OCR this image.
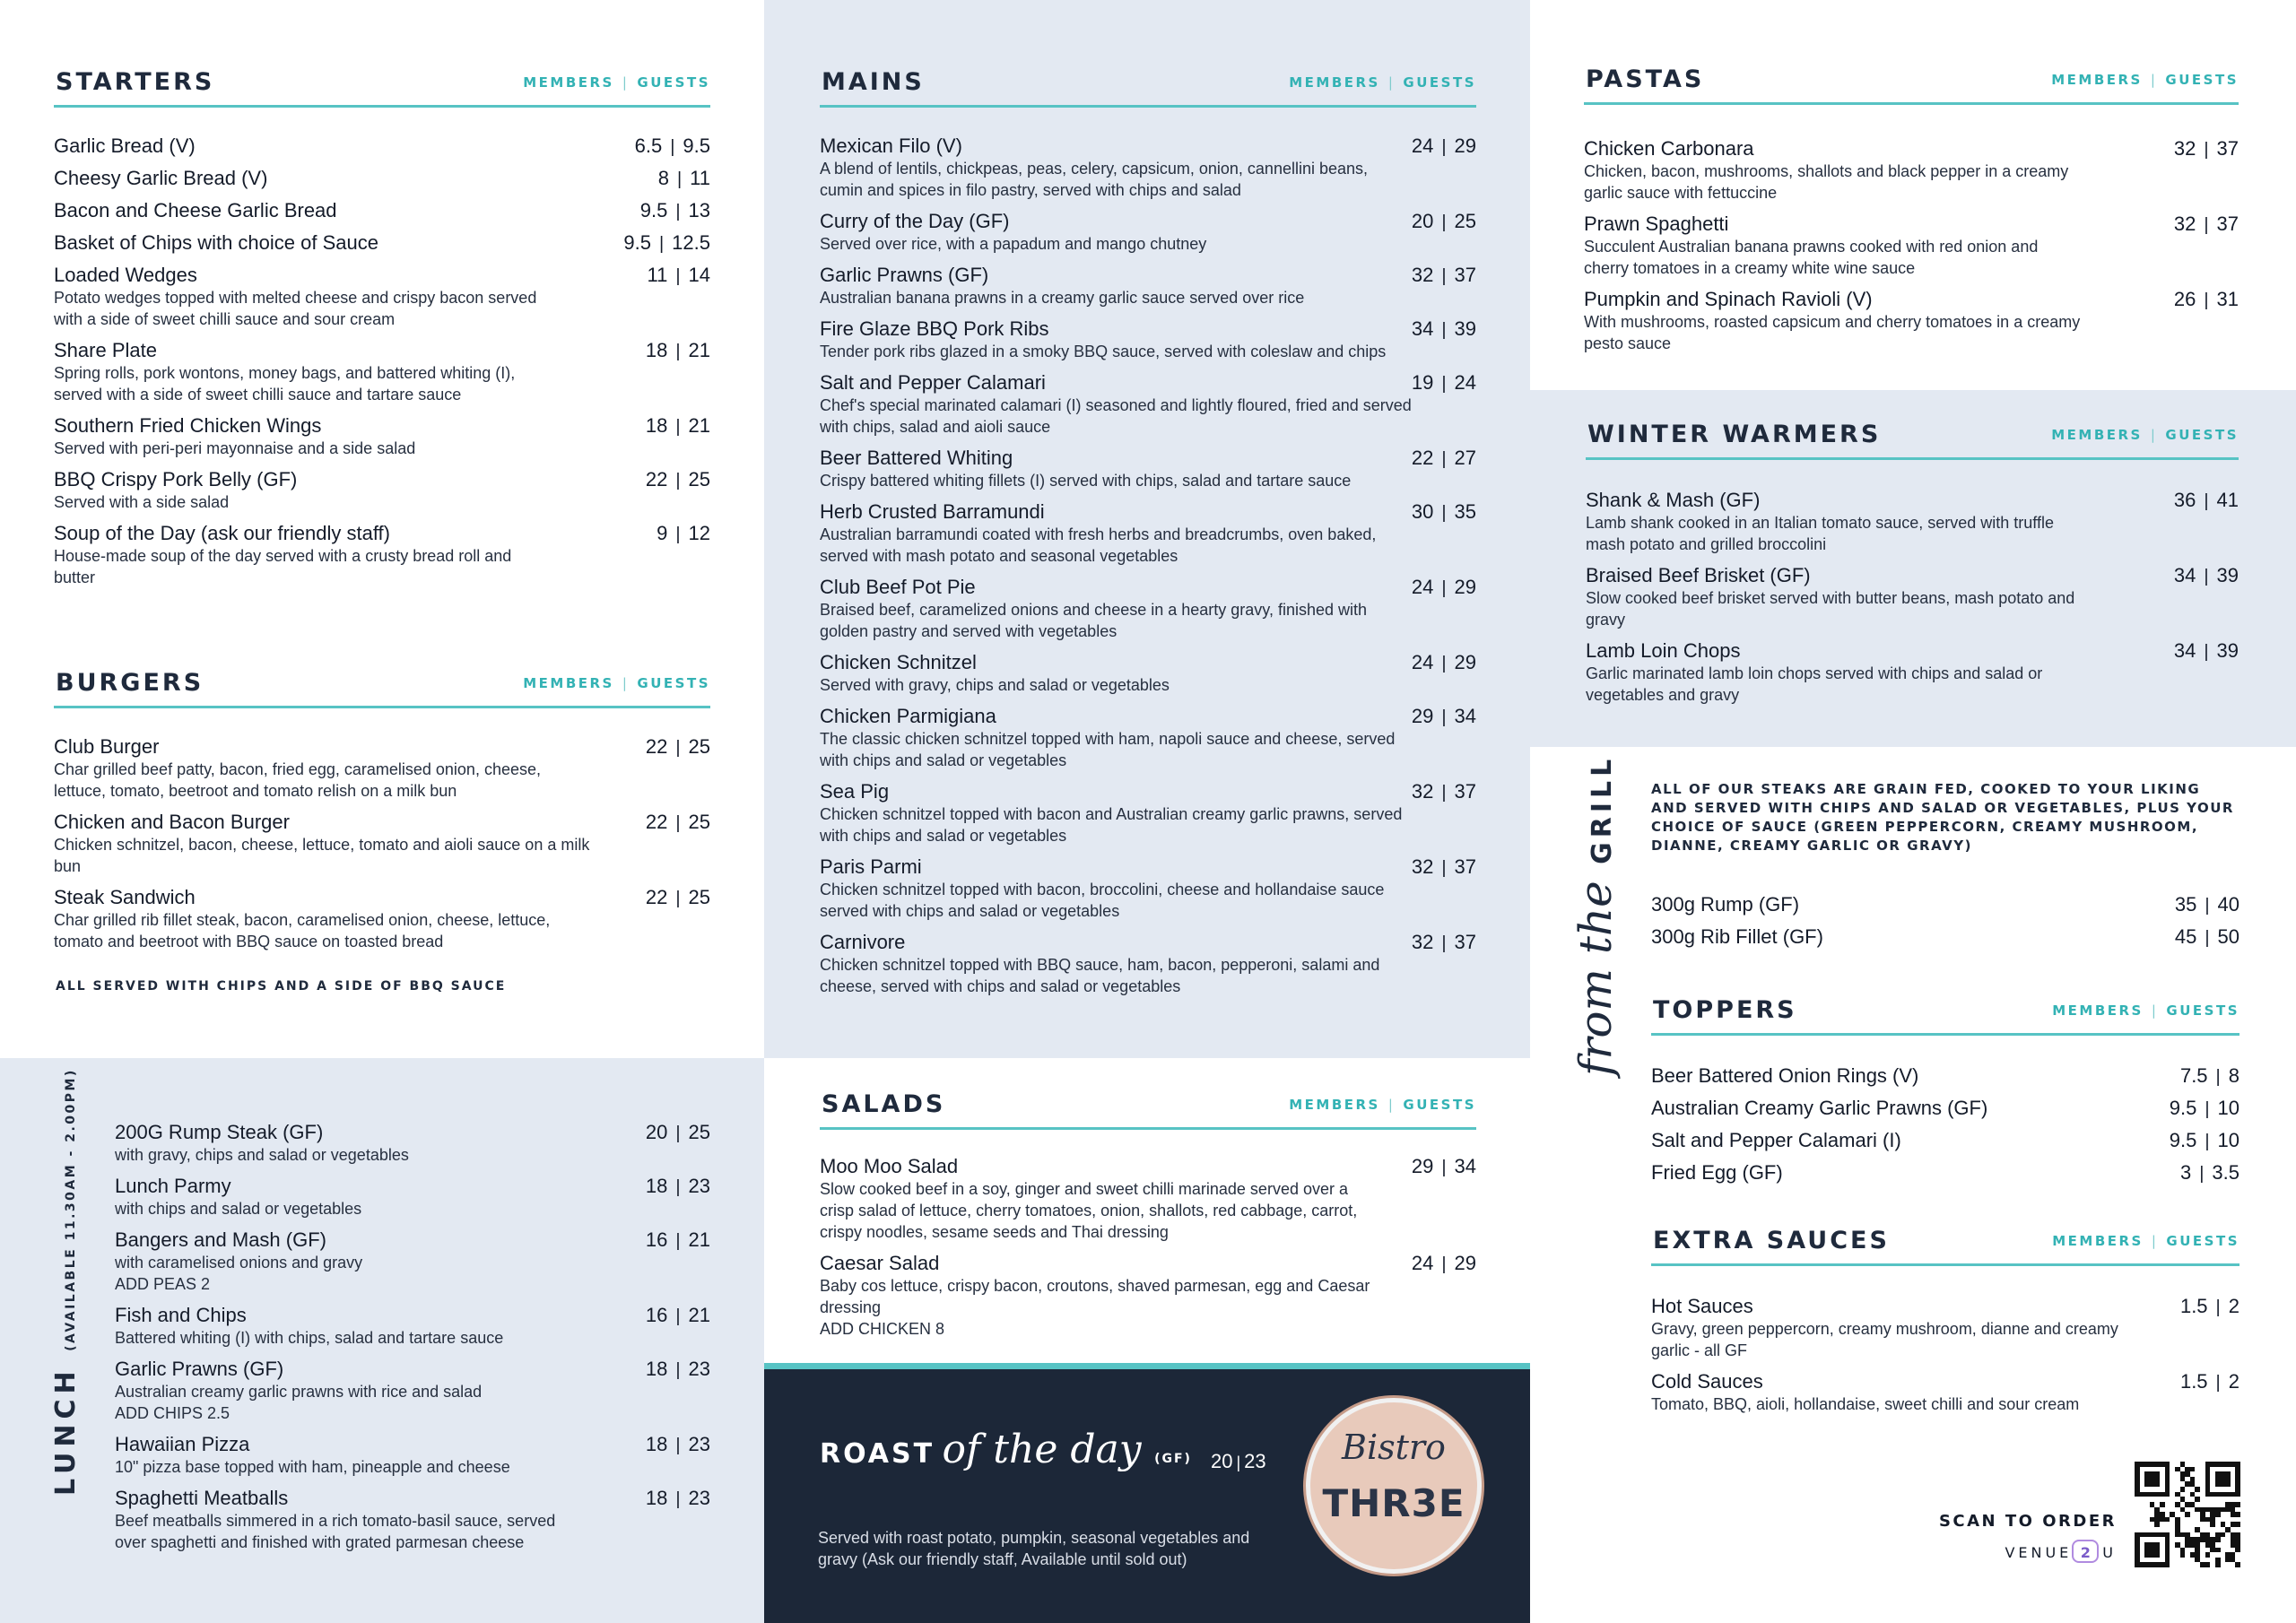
STARTERS	MEMBERS | GUESTS
Garlic Bread (V)	6.5 | 9.5
Cheesy Garlic Bread (V)	8 | 11
Bacon and Cheese Garlic Bread	9.5 | 13
Basket of Chips with choice of Sauce	9.5 | 12.5
Loaded Wedges	11 | 14
Potato wedges topped with melted cheese and crispy bacon served with a side of sweet chilli sauce and sour cream
Share Plate	18 | 21
Spring rolls, pork wontons, money bags, and battered whiting (I), served with a side of sweet chilli sauce and tartare sauce
Southern Fried Chicken Wings	18 | 21
Served with peri-peri mayonnaise and a side salad
BBQ Crispy Pork Belly (GF)	22 | 25
Served with a side salad
Soup of the Day (ask our friendly staff)	9 | 12
House-made soup of the day served with a crusty bread roll and butter
BURGERS	MEMBERS | GUESTS
Club Burger	22 | 25
Char grilled beef patty, bacon, fried egg, caramelised onion, cheese, lettuce, tomato, beetroot and tomato relish on a milk bun
Chicken and Bacon Burger	22 | 25
Chicken schnitzel, bacon, cheese, lettuce, tomato and aioli sauce on a milk bun
Steak Sandwich	22 | 25
Char grilled rib fillet steak, bacon, caramelised onion, cheese, lettuce, tomato and beetroot with BBQ sauce on toasted bread
ALL SERVED WITH CHIPS AND A SIDE OF BBQ SAUCE
LUNCH (AVAILABLE 11.30AM - 2.00PM) 200G Rump Steak (GF)	20 | 25
with gravy, chips and salad or vegetables
Lunch Parmy	18 | 23
with chips and salad or vegetables
Bangers and Mash (GF)	16 | 21
with caramelised onions and gravy
ADD PEAS 2
Fish and Chips	16 | 21
Battered whiting (I) with chips, salad and tartare sauce
Garlic Prawns (GF)	18 | 23
Australian creamy garlic prawns with rice and salad
ADD CHIPS 2.5
Hawaiian Pizza	18 | 23
10" pizza base topped with ham, pineapple and cheese
Spaghetti Meatballs	18 | 23
Beef meatballs simmered in a rich tomato-basil sauce, served over spaghetti and finished with grated parmesan cheese
MAINS	MEMBERS | GUESTS
Mexican Filo (V)	24 | 29
A blend of lentils, chickpeas, peas, celery, capsicum, onion, cannellini beans, cumin and spices in filo pastry, served with chips and salad
Curry of the Day (GF)	20 | 25
Served over rice, with a papadum and mango chutney
Garlic Prawns (GF)	32 | 37
Australian banana prawns in a creamy garlic sauce served over rice
Fire Glaze BBQ Pork Ribs	34 | 39
Tender pork ribs glazed in a smoky BBQ sauce, served with coleslaw and chips
Salt and Pepper Calamari	19 | 24
Chef's special marinated calamari (I) seasoned and lightly floured, fried and served with chips, salad and aioli sauce
Beer Battered Whiting	22 | 27
Crispy battered whiting fillets (I) served with chips, salad and tartare sauce
Herb Crusted Barramundi	30 | 35
Australian barramundi coated with fresh herbs and breadcrumbs, oven baked, served with mash potato and seasonal vegetables
Club Beef Pot Pie	24 | 29
Braised beef, caramelized onions and cheese in a hearty gravy, finished with golden pastry and served with vegetables
Chicken Schnitzel	24 | 29
Served with gravy, chips and salad or vegetables
Chicken Parmigiana	29 | 34
The classic chicken schnitzel topped with ham, napoli sauce and cheese, served with chips and salad or vegetables
Sea Pig	32 | 37
Chicken schnitzel topped with bacon and Australian creamy garlic prawns, served with chips and salad or vegetables
Paris Parmi	32 | 37
Chicken schnitzel topped with bacon, broccolini, cheese and hollandaise sauce served with chips and salad or vegetables
Carnivore	32 | 37
Chicken schnitzel topped with BBQ sauce, ham, bacon, pepperoni, salami and cheese, served with chips and salad or vegetables
SALADS	MEMBERS | GUESTS
Moo Moo Salad	29 | 34
Slow cooked beef in a soy, ginger and sweet chilli marinade served over a crisp salad of lettuce, cherry tomatoes, onion, shallots, red cabbage, carrot, crispy noodles, sesame seeds and Thai dressing
Caesar Salad	24 | 29
Baby cos lettuce, crispy bacon, croutons, shaved parmesan, egg and Caesar dressing
ADD CHICKEN 8
ROAST of the day (GF) 20 | 23
Served with roast potato, pumpkin, seasonal vegetables and gravy (Ask our friendly staff, Available until sold out)
Bistro
THR3E
PASTAS	MEMBERS | GUESTS
Chicken Carbonara	32 | 37
Chicken, bacon, mushrooms, shallots and black pepper in a creamy garlic sauce with fettuccine
Prawn Spaghetti	32 | 37
Succulent Australian banana prawns cooked with red onion and cherry tomatoes in a creamy white wine sauce
Pumpkin and Spinach Ravioli (V)	26 | 31
With mushrooms, roasted capsicum and cherry tomatoes in a creamy pesto sauce
WINTER WARMERS	MEMBERS | GUESTS
Shank & Mash (GF)	36 | 41
Lamb shank cooked in an Italian tomato sauce, served with truffle mash potato and grilled broccolini
Braised Beef Brisket (GF)	34 | 39
Slow cooked beef brisket served with butter beans, mash potato and gravy
Lamb Loin Chops	34 | 39
Garlic marinated lamb loin chops served with chips and salad or vegetables and gravy
from the GRILL ALL OF OUR STEAKS ARE GRAIN FED, COOKED TO YOUR LIKING AND SERVED WITH CHIPS AND SALAD OR VEGETABLES, PLUS YOUR CHOICE OF SAUCE (GREEN PEPPERCORN, CREAMY MUSHROOM, DIANNE, CREAMY GARLIC OR GRAVY)
300g Rump (GF)	35 | 40
300g Rib Fillet (GF)	45 | 50
TOPPERS	MEMBERS | GUESTS
Beer Battered Onion Rings (V)	7.5 | 8
Australian Creamy Garlic Prawns (GF)	9.5 | 10
Salt and Pepper Calamari (I)	9.5 | 10
Fried Egg (GF)	3 | 3.5
EXTRA SAUCES	MEMBERS | GUESTS
Hot Sauces	1.5 | 2
Gravy, green peppercorn, creamy mushroom, dianne and creamy garlic - all GF
Cold Sauces	1.5 | 2
Tomato, BBQ, aioli, hollandaise, sweet chilli and sour cream
SCAN TO ORDER
VENUE 2 U
